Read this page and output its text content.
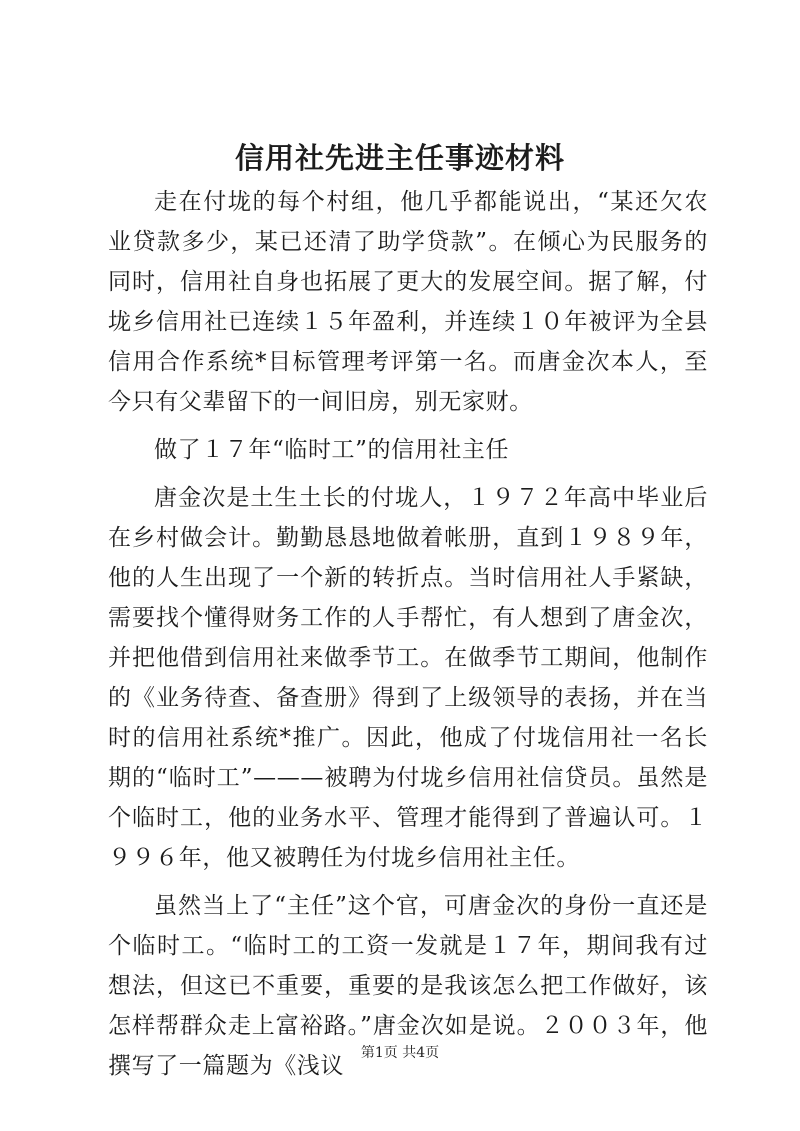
信用社先进主任事迹材料

走在付垅的每个村组，他几乎都能说出，“某还欠农业贷款多少，某已还清了助学贷款”。在倾心为民服务的同时，信用社自身也拓展了更大的发展空间。据了解，付垅乡信用社已连续１５年盈利，并连续１０年被评为全县信用合作系统*目标管理考评第一名。而唐金次本人，至今只有父辈留下的一间旧房，别无家财。

做了１７年“临时工”的信用社主任

唐金次是土生土长的付垅人，１９７２年高中毕业后在乡村做会计。勤勤恳恳地做着帐册，直到１９８９年，他的人生出现了一个新的转折点。当时信用社人手紧缺，需要找个懂得财务工作的人手帮忙，有人想到了唐金次，并把他借到信用社来做季节工。在做季节工期间，他制作的《业务待查、备查册》得到了上级领导的表扬，并在当时的信用社系统*推广。因此，他成了付垅信用社一名长期的“临时工”———被聘为付垅乡信用社信贷员。虽然是个临时工，他的业务水平、管理才能得到了普遍认可。１９９６年，他又被聘任为付垅乡信用社主任。

虽然当上了“主任”这个官，可唐金次的身份一直还是个临时工。“临时工的工资一发就是１７年，期间我有过想法，但这已不重要，重要的是我该怎么把工作做好，该怎样帮群众走上富裕路。”唐金次如是说。２００３年，他撰写了一篇题为《浅议	第1页 共4页
